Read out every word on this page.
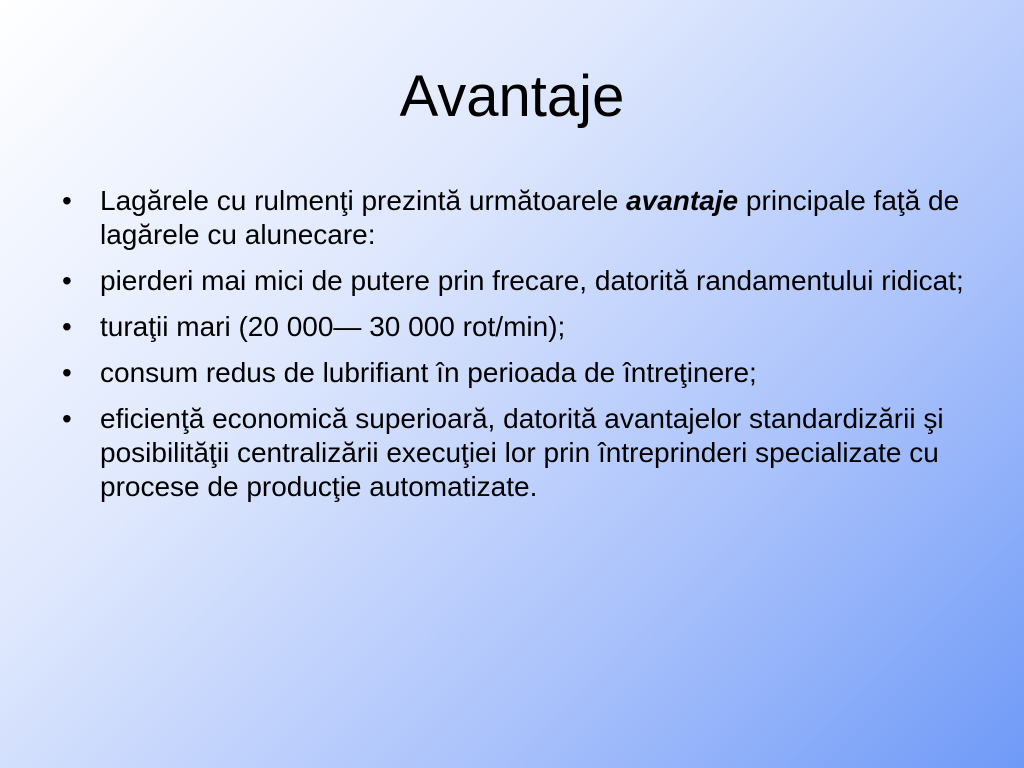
Avantaje
• Lagărele cu rulmenţi prezintă următoarele avantaje principale faţă de lagărele cu alunecare:
• pierderi mai mici de putere prin frecare, datorită randamentului ridicat;
• turaţii mari (20 000— 30 000 rot/min);
• consum redus de lubrifiant în perioada de întreţinere;
• eficienţă economică superioară, datorită avantajelor standardizării şi posibilităţii centralizării execuţiei lor prin întreprinderi specializate cu procese de producţie automatizate.
